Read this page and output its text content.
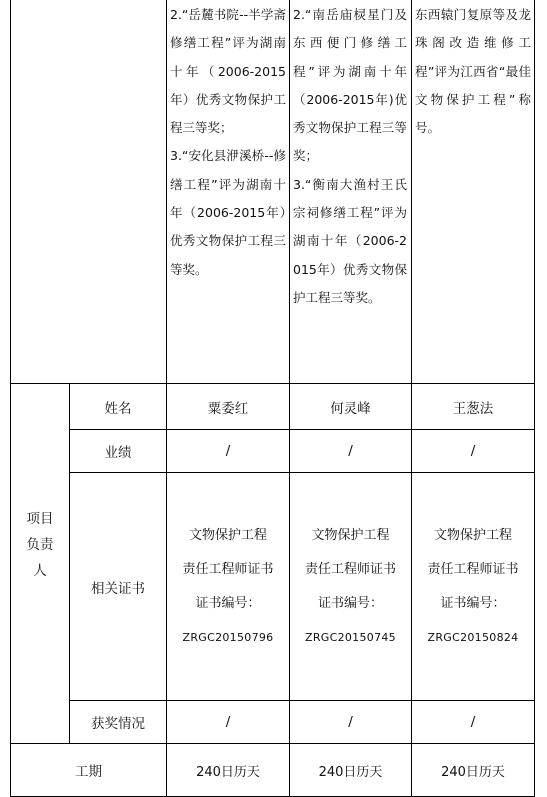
2.“岳麓书院--半学斋修缮工程”评为湖南十年（2006-2015年）优秀文物保护工程三等奖；
3.“安化县洢溪桥--修缮工程”评为湖南十年（2006-2015年）优秀文物保护工程三等奖。
2.“南岳庙棂星门及东西便门修缮工程”评为湖南十年（2006-2015年)优秀文物保护工程三等奖；
3.“衡南大渔村王氏宗祠修缮工程”评为湖南十年（2006-2015年）优秀文物保护工程三等奖。
东西辕门复原等及龙珠阁改造维修工程”评为江西省“最佳文物保护工程”称号。
项目负责人
姓名
业绩
相关证书
获奖情况
工期
粟委红
/
文物保护工程
责任工程师证书
证书编号：
ZRGC20150796
/
240日历天
何灵峰
/
文物保护工程
责任工程师证书
证书编号：
ZRGC20150745
/
240日历天
王葱法
/
文物保护工程
责任工程师证书
证书编号：
ZRGC20150824
/
240日历天
